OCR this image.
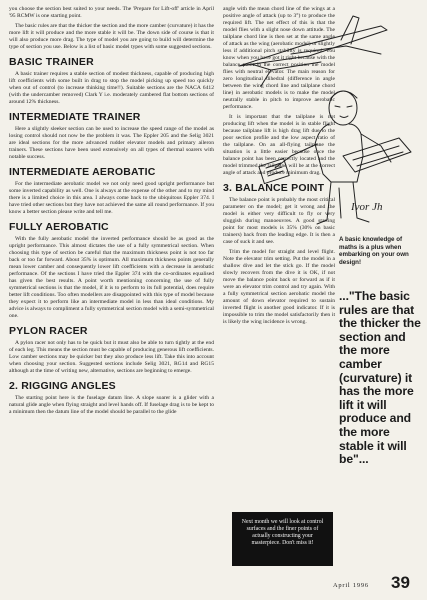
you choose the section best suited to your needs. The 'Prepare for Lift-off' article in April '95 RCMW is one starting point.

The basic rules are that the thicker the section and the more camber (curvature) it has the more lift it will produce and the more stable it will be. The down side of course is that it will also produce more drag. The type of model you are going to build will determine the type of section you use. Below is a list of basic model types with some suggested sections.

BASIC TRAINER

A basic trainer requires a stable section of modest thickness, capable of producing high lift coefficients with some built in drag to stop the model picking up speed too quickly when out of control (to increase thinking time!!). Suitable sections are the NACA 6412 (with the undercamber removed) Clark Y i.e. moderately cambered flat bottom sections of around 12% thickness.

INTERMEDIATE TRAINER

Here a slightly sleeker section can be used to increase the speed range of the model as losing control should not now be the problem it was. The Eppler 205 and the Selig 3021 are ideal sections for the more advanced rudder elevator models and primary aileron trainers. These sections have been used extensively on all types of thermal soarers with notable success.

INTERMEDIATE AEROBATIC

For the intermediate aerobatic model we not only need good upright performance but some inverted capability as well. One is always at the expense of the other and to my mind there is a limited choice in this area. I always come back to the ubiquitous Eppler 374. I have tried other sections but they have not achieved the same all round performance. If you know a better section please write and tell me.

FULLY AEROBATIC

With the fully aerobatic model the inverted performance should be as good as the upright performance. This almost dictates the use of a fully symmetrical section. When choosing this type of section be careful that the maximum thickness point is not too far back or too far forward. About 35% is optimum. All maximum thickness points generally mean lower camber and consequently lower lift coefficients with a decrease in aerobatic performance. Of the sections I have tried the Eppler 374 with the co-ordinates equalised has given the best results. A point worth mentioning concerning the use of fully symmetrical sections is that the model, if it is to perform to its full potential, does require better lift conditions. Too often modellers are disappointed with this type of model because they expect it to perform like an intermediate model in less than ideal conditions. My advice is always to compliment a fully symmetrical section model with a semi-symmetrical one.

PYLON RACER

A pylon racer not only has to be quick but it must also be able to turn tightly at the end of each leg. This means the section must be capable of producing generous lift coefficients. Low camber sections may be quicker but they also produce less lift. Take this into account when choosing your section. Suggested sections include Selig 3021, RG14 and RG15 although at the time of writing new, alternative, sections are beginning to emerge.

2. RIGGING ANGLES

The starting point here is the fuselage datum line. A slope soarer is a glider with a natural glide angle when flying straight and level hands off. If fuselage drag is to be kept to a minimum then the datum line of the model should be parallel to the glide

angle with the mean chord line of the wings at a positive angle of attack (up to 3°) to produce the required lift. The net effect of this is that the model flies with a slight nose down attitude. The tailplane chord line is then set at the same angle of attack as the wing (aerobatic model) or slightly less if additional pitch stability is required. You know when you have got it right because with the balance point in the correct position the model flies with neutral elevator. The main reason for zero longitudinal dihedral (difference in angle between the wing chord line and tailplane chord line) in aerobatic models is to make the model neutrally stable in pitch to improve aerobatic performance.

It is important that the tailplane is not producing lift when the model is in stable flight because tailplane lift is high drag lift due to the poor section profile and the low aspect ratio of the tailplane. On an all-flying tailplane the situation is a little easier because once the balance point has been correctly located and the model trimmed the tailplane will be at the correct angle of attack and produce minimum drag.

3. BALANCE POINT

The balance point is probably the most critical parameter on the model; get it wrong and the model is either very difficult to fly or very sluggish during manoeuvres. A good starting point for most models is 35% (30% on basic trainers) back from the leading edge. It is then a case of suck it and see.

Trim the model for straight and level flight. Note the elevator trim setting. Put the model in a shallow dive and let the stick go. If the model slowly recovers from the dive it is OK, if not move the balance point back or forward as if it were an elevator trim control and try again. With a fully symmetrical section aerobatic model the amount of down elevator required to sustain inverted flight is another good indicator. If it is impossible to trim the model satisfactorily then it is likely the wing incidence is wrong.

Ivor Jh
A basic knowledge of maths is a plus when embarking on your own design!
..."The basic rules are that the thicker the section and the more camber (curvature) it has the more lift it will produce and the more stable it will be"...
Next month we will look at control surfaces and the finer points of actually constructing your masterpiece. Don't miss it!
April 1996 39
